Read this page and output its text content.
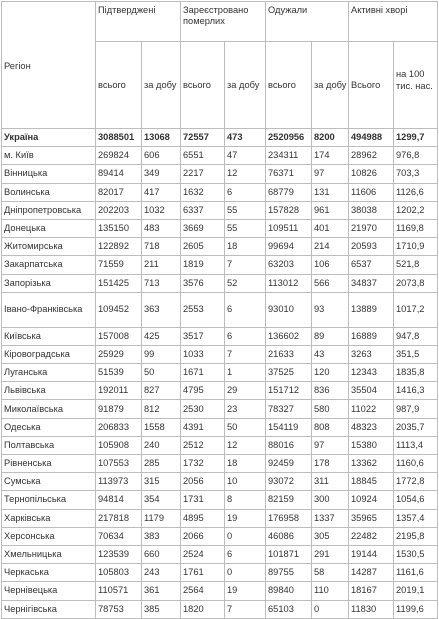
Регіон	Підтверджені		Зареєстровано померлих		Одужали		Активні хворі	
	всього	за добу	всього	за добу	всього	за добу	Всього	на 100 тис. нас.
Україна	3088501	13068	72557	473	2520956	8200	494988	1299,7
м. Київ	269824	606	6551	47	234311	174	28962	976,8
Вінницька	89414	349	2217	12	76371	97	10826	703,3
Волинська	82017	417	1632	6	68779	131	11606	1126,6
Дніпропетровська	202203	1032	6337	55	157828	961	38038	1202,2
Донецька	135150	483	3669	55	109511	401	21970	1169,8
Житомирська	122892	718	2605	18	99694	214	20593	1710,9
Закарпатська	71559	211	1819	7	63203	106	6537	521,8
Запорізька	151425	713	3576	52	113012	566	34837	2073,8
Івано-Франківська	109452	363	2553	6	93010	93	13889	1017,2
Київська	157008	425	3517	6	136602	89	16889	947,8
Кіровоградська	25929	99	1033	7	21633	43	3263	351,5
Луганська	51539	50	1671	1	37525	120	12343	1835,8
Львівська	192011	827	4795	29	151712	836	35504	1416,3
Миколаївська	91879	812	2530	23	78327	580	11022	987,9
Одеська	206833	1558	4391	50	154119	808	48323	2035,7
Полтавська	105908	240	2512	12	88016	97	15380	1113,4
Рівненська	107553	285	1732	18	92459	178	13362	1160,6
Сумська	113973	315	2056	10	93072	311	18845	1772,8
Тернопільська	94814	354	1731	8	82159	300	10924	1054,6
Харківська	217818	1179	4895	19	176958	1337	35965	1357,4
Херсонська	70634	383	2066	0	46086	305	22482	2195,8
Хмельницька	123539	660	2524	6	101871	291	19144	1530,5
Черкаська	105803	243	1761	0	89755	58	14287	1161,6
Чернівецька	110571	361	2564	19	89840	110	18167	2019,1
Чернігівська	78753	385	1820	7	65103	0	11830	1199,6
